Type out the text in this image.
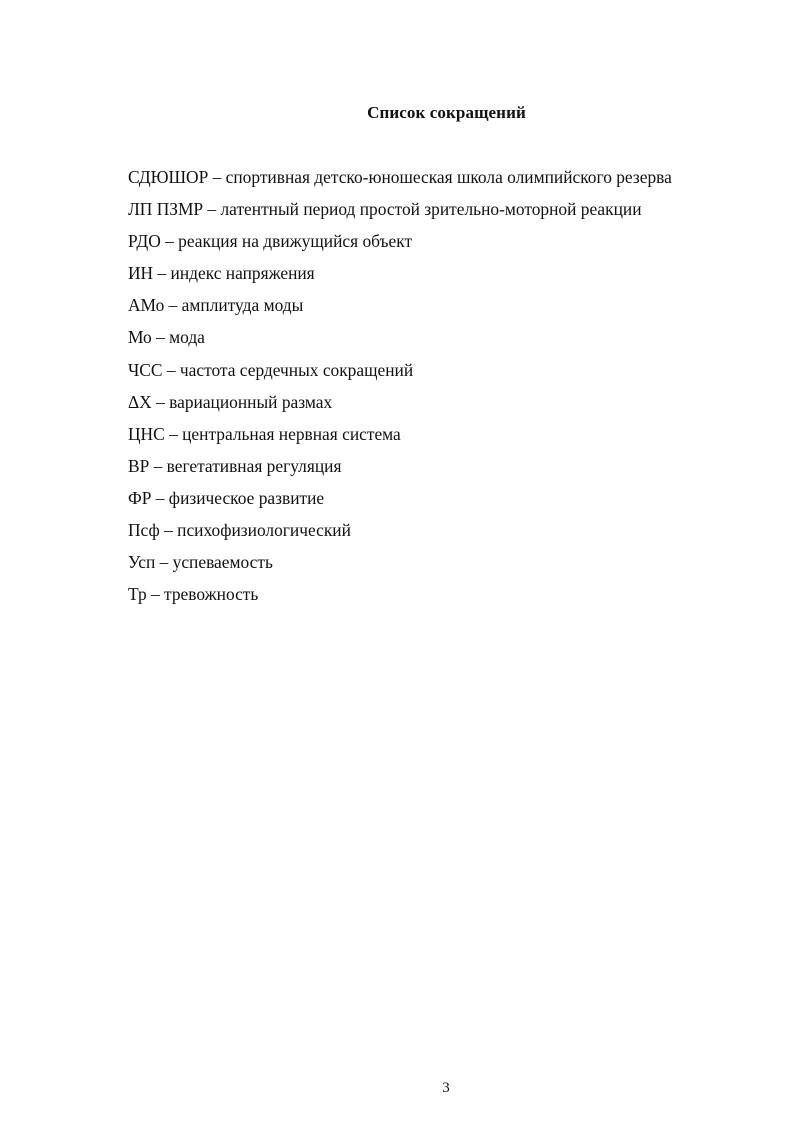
Список сокращений
СДЮШОР – спортивная детско-юношеская школа олимпийского резерва
ЛП ПЗМР – латентный период простой зрительно-моторной реакции
РДО – реакция на движущийся объект
ИН – индекс напряжения
АМо – амплитуда моды
Мо – мода
ЧСС – частота сердечных сокращений
ΔХ – вариационный размах
ЦНС – центральная нервная система
ВР – вегетативная регуляция
ФР – физическое развитие
Псф – психофизиологический
Усп – успеваемость
Тр – тревожность
3
